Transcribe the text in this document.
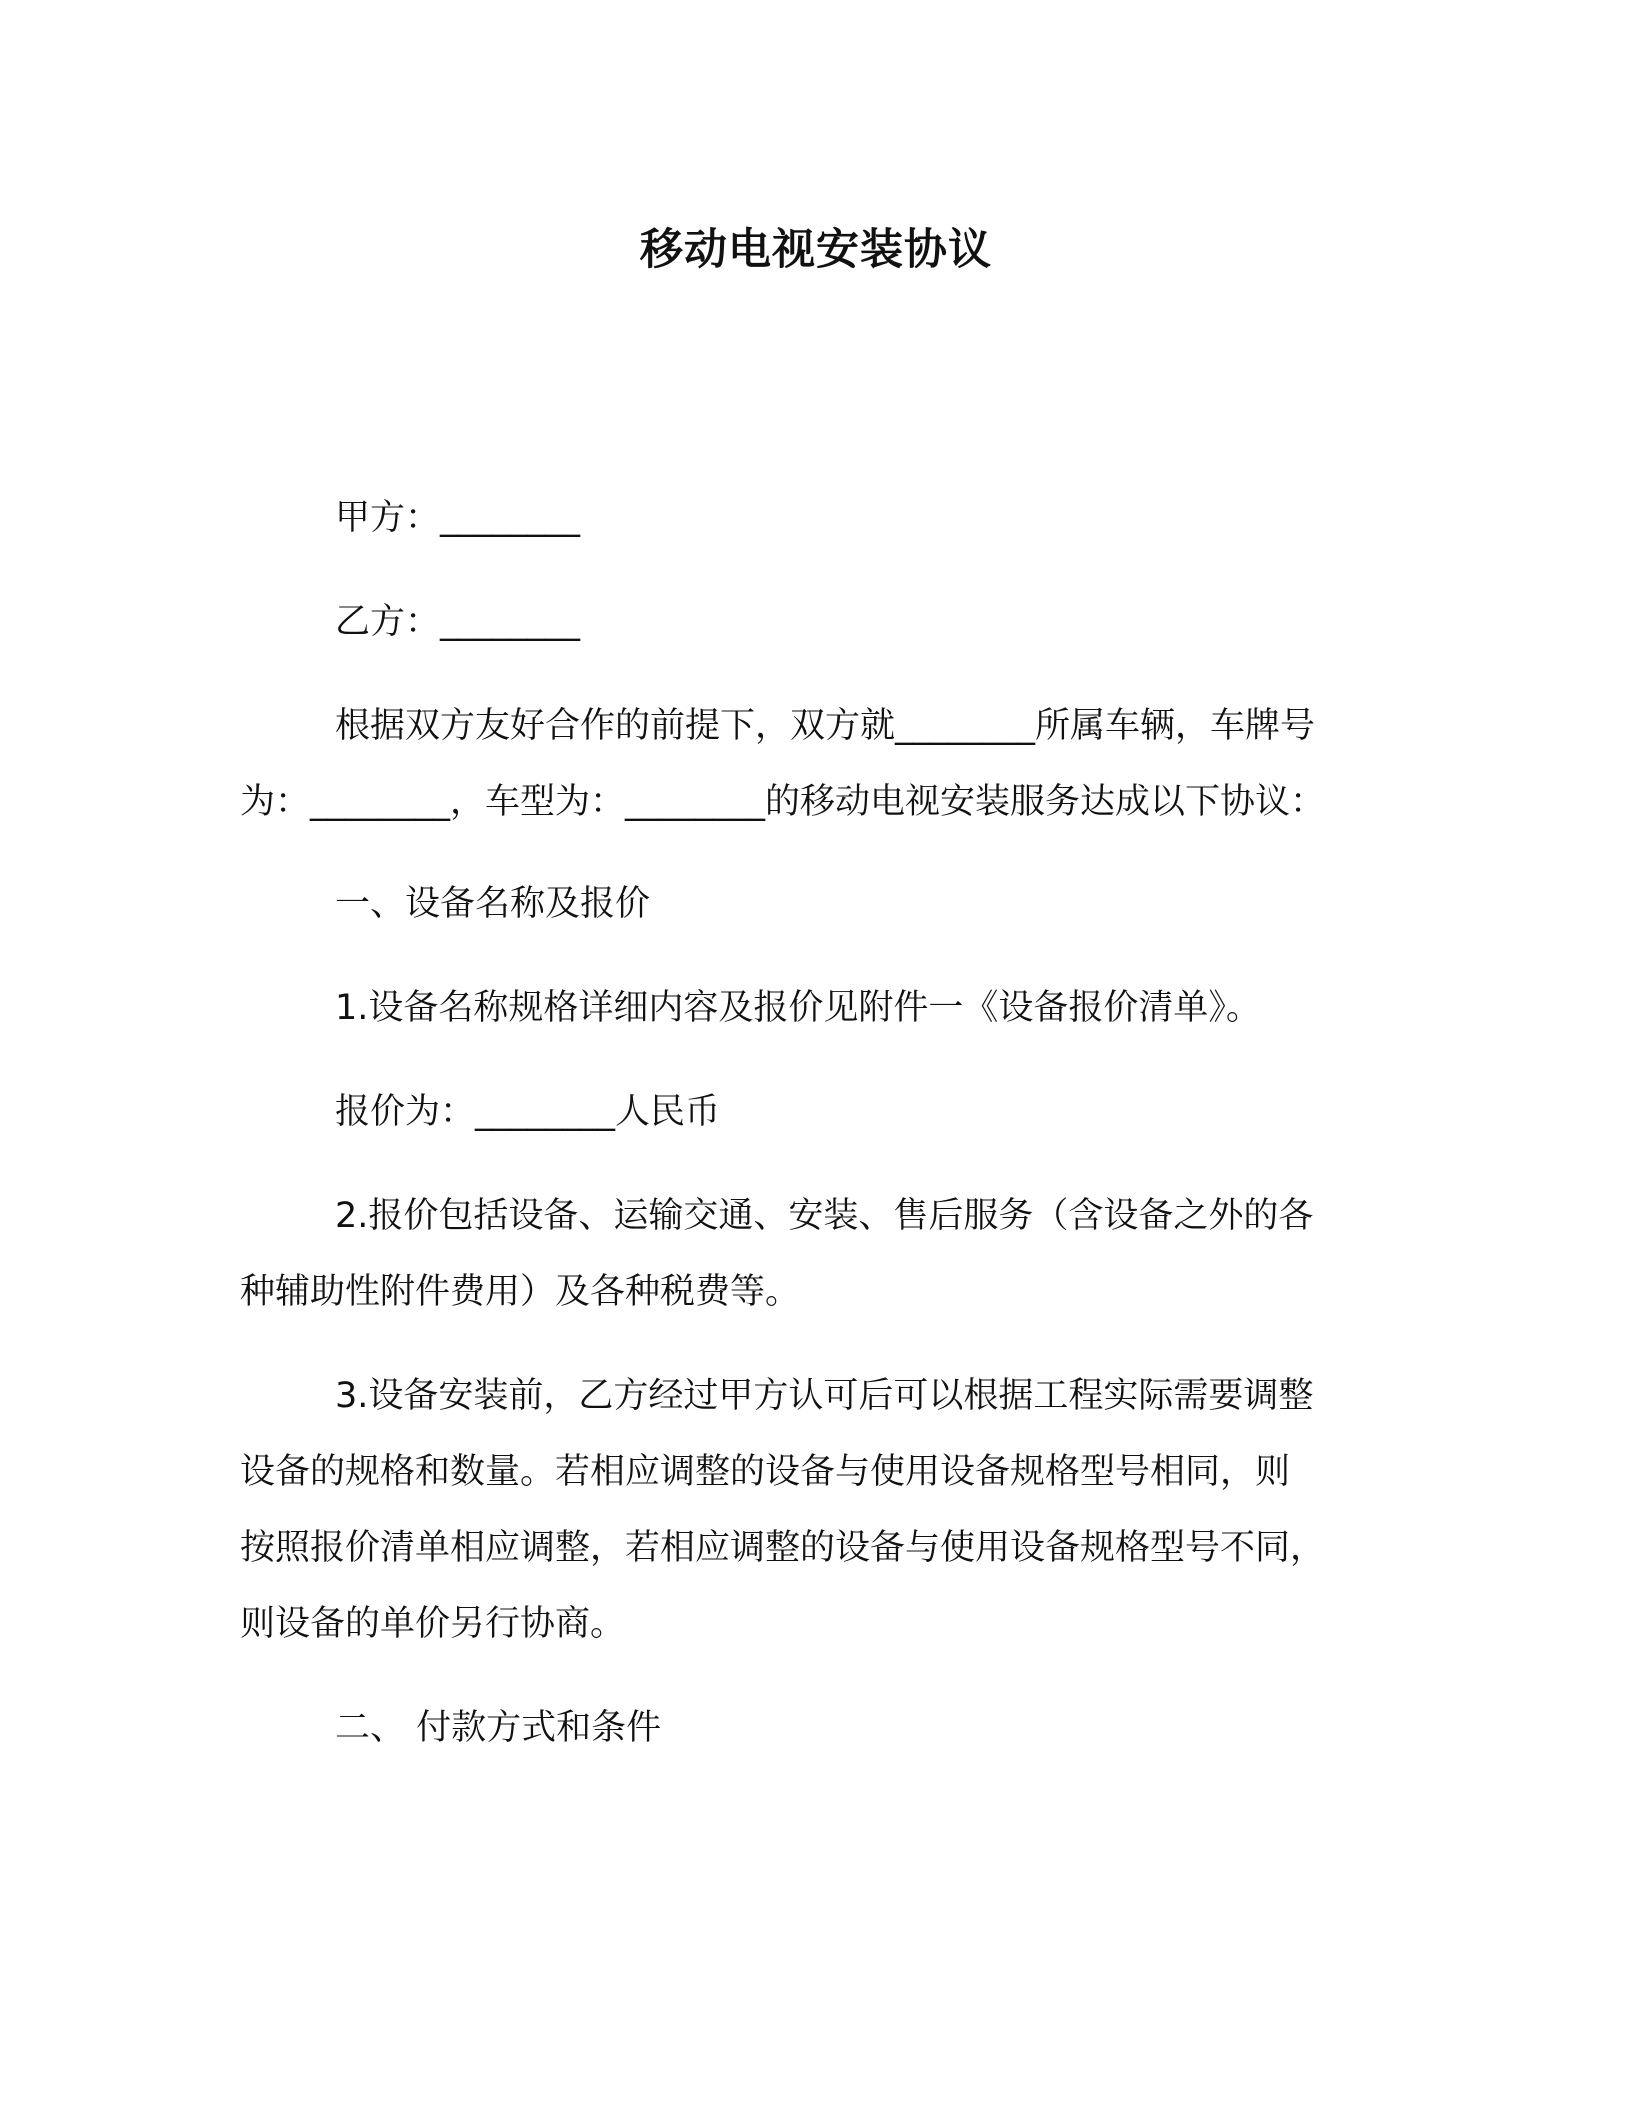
移动电视安装协议

甲方：________

乙方：________

根据双方友好合作的前提下，双方就________所属车辆，车牌号

为：________，车型为：________的移动电视安装服务达成以下协议：

一、设备名称及报价

1.设备名称规格详细内容及报价见附件一《设备报价清单》。

报价为：________人民币

2.报价包括设备、运输交通、安装、售后服务（含设备之外的各

种辅助性附件费用）及各种税费等。

3.设备安装前，乙方经过甲方认可后可以根据工程实际需要调整

设备的规格和数量。若相应调整的设备与使用设备规格型号相同，则

按照报价清单相应调整，若相应调整的设备与使用设备规格型号不同，

则设备的单价另行协商。

二、 付款方式和条件
